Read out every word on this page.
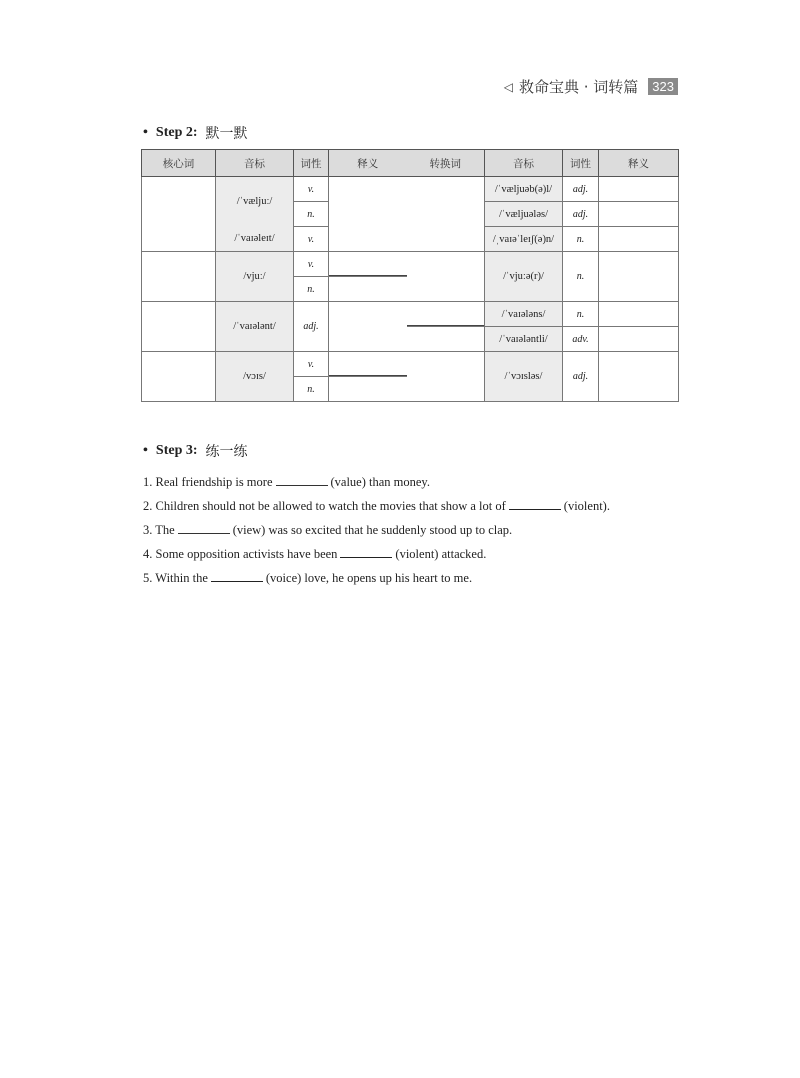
◁ 救命宝典 · 词转篇	323
• Step 2: 默一默
核心词	音标	词性	释义	转换词	音标	词性	释义
	/ˈvæljuː/	v.			/ˈvæljuəb(ə)l/	adj.	
		n.			/ˈvæljuələs/	adj.	
	/ˈvaɪəleɪt/	v.			/ˌvaɪəˈleɪʃ(ə)n/	n.	
	/vjuː/	v.			/ˈvjuːə(r)/	n.	
		n.					
	/ˈvaɪələnt/	adj.			/ˈvaɪələns/	n.	
					/ˈvaɪələntli/	adv.	
	/vɔɪs/	v.			/ˈvɔɪsləs/	adj.	
		n.					
• Step 3: 练一练
1. Real friendship is more	(value) than money.
2. Children should not be allowed to watch the movies that show a lot of	(violent).
3. The	(view) was so excited that he suddenly stood up to clap.
4. Some opposition activists have been	(violent) attacked.
5. Within the	(voice) love, he opens up his heart to me.
